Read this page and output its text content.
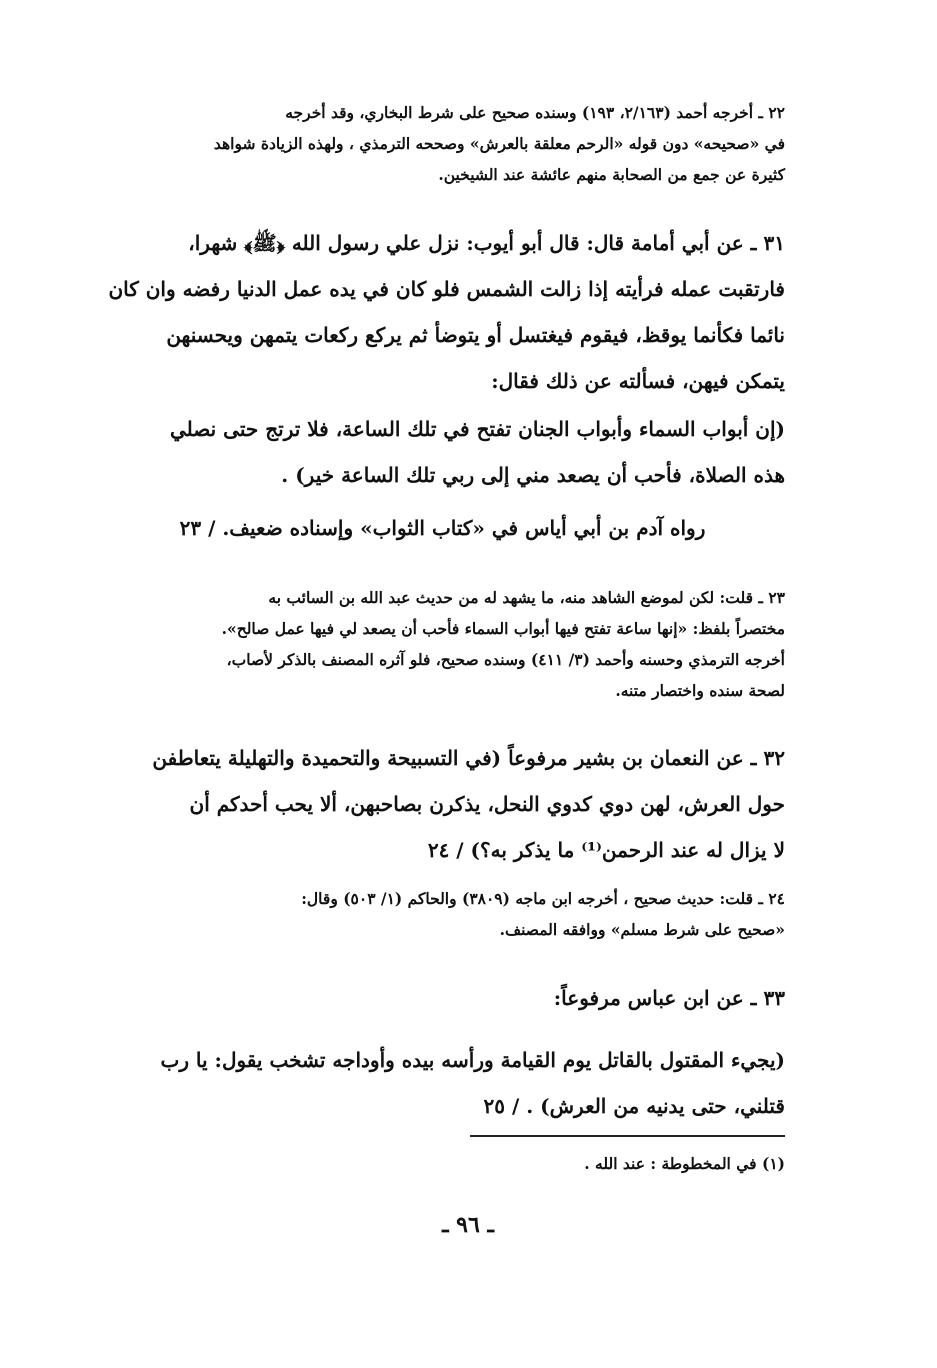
٢٢ ـ أخرجه أحمد (٢/١٦٣، ١٩٣) وسنده صحيح على شرط البخاري، وقد أخرجه

في «صحيحه» دون قوله «الرحم معلقة بالعرش» وصححه الترمذي ، ولهذه الزيادة شواهد

كثيرة عن جمع من الصحابة منهم عائشة عند الشيخين.

٣١ ـ عن أبي أمامة قال: قال أبو أيوب: نزل علي رسول الله ﴿ﷺ﴾ شهرا،

فارتقبت عمله فرأيته إذا زالت الشمس فلو كان في يده عمل الدنيا رفضه وان كان

نائما فكأنما يوقظ، فيقوم فيغتسل أو يتوضأ ثم يركع ركعات يتمهن ويحسنهن

يتمكن فيهن، فسألته عن ذلك فقال:

(إن أبواب السماء وأبواب الجنان تفتح في تلك الساعة، فلا ترتج حتى نصلي

هذه الصلاة، فأحب أن يصعد مني إلى ربي تلك الساعة خير) .

رواه آدم بن أبي أياس في «كتاب الثواب» وإسناده ضعيف. / ٢٣

٢٣ ـ قلت: لكن لموضع الشاهد منه، ما يشهد له من حديث عبد الله بن السائب به

مختصراً بلفظ: «إنها ساعة تفتح فيها أبواب السماء فأحب أن يصعد لي فيها عمل صالح».

أخرجه الترمذي وحسنه وأحمد (٣/ ٤١١) وسنده صحيح، فلو آثره المصنف بالذكر لأصاب،

لصحة سنده واختصار متنه.

٣٢ ـ عن النعمان بن بشير مرفوعاً (في التسبيحة والتحميدة والتهليلة يتعاطفن

حول العرش، لهن دوي كدوي النحل، يذكرن بصاحبهن، ألا يحب أحدكم أن

لا يزال له عند الرحمن⁽¹⁾ ما يذكر به؟) / ٢٤

٢٤ ـ قلت: حديث صحيح ، أخرجه ابن ماجه (٣٨٠٩) والحاكم (١/ ٥٠٣) وقال:

«صحيح على شرط مسلم» ووافقه المصنف.

٣٣ ـ عن ابن عباس مرفوعاً:

(يجيء المقتول بالقاتل يوم القيامة ورأسه بيده وأوداجه تشخب يقول: يا رب

قتلني، حتى يدنيه من العرش) . / ٢٥

(١) في المخطوطة : عند الله .

ـ ٩٦ ـ
